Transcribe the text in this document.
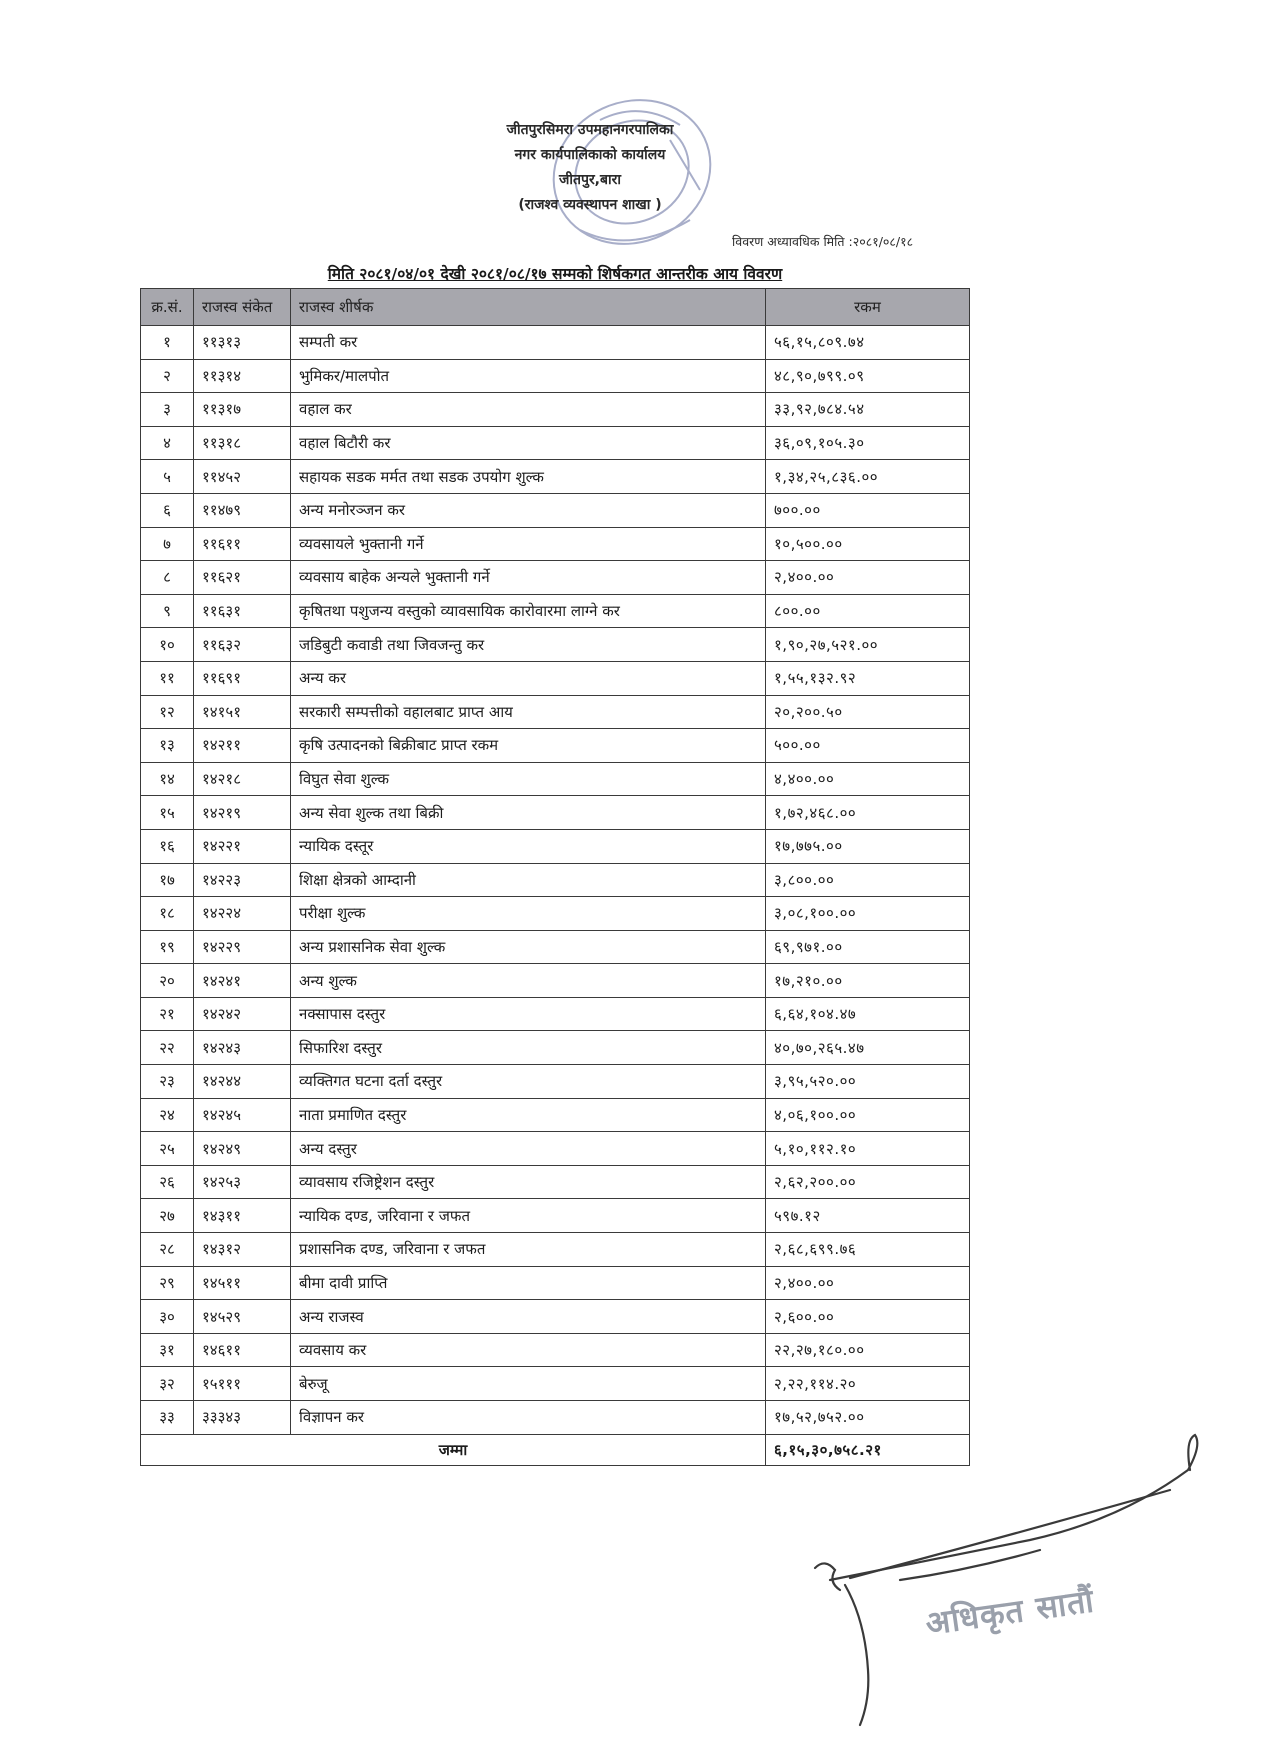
जीतपुरसिमरा उपमहानगरपालिका
नगर कार्यपालिकाको कार्यालय
जीतपुर,बारा
(राजश्व व्यवस्थापन शाखा )
विवरण अध्यावधिक मिति :२०८१/०८/१८
मिति २०८१/०४/०१ देखी २०८१/०८/१७ सम्मको शिर्षकगत आन्तरीक आय विवरण
क्र.सं.	राजस्व संकेत	राजस्व शीर्षक	रकम
१	११३१३	सम्पती कर	५६,१५,८०९.७४
२	११३१४	भुमिकर/मालपोत	४८,९०,७९९.०९
३	११३१७	वहाल कर	३३,९२,७८४.५४
४	११३१८	वहाल बिटौरी कर	३६,०९,१०५.३०
५	११४५२	सहायक सडक मर्मत तथा सडक उपयोग शुल्क	१,३४,२५,८३६.००
६	११४७९	अन्य मनोरञ्जन कर	७००.००
७	११६११	व्यवसायले भुक्तानी गर्ने	१०,५००.००
८	११६२१	व्यवसाय बाहेक अन्यले भुक्तानी गर्ने	२,४००.००
९	११६३१	कृषितथा पशुजन्य वस्तुको व्यावसायिक कारोवारमा लाग्ने कर	८००.००
१०	११६३२	जडिबुटी कवाडी तथा जिवजन्तु कर	१,९०,२७,५२१.००
११	११६९१	अन्य कर	१,५५,१३२.९२
१२	१४१५१	सरकारी सम्पत्तीको वहालबाट प्राप्त आय	२०,२००.५०
१३	१४२११	कृषि उत्पादनको बिक्रीबाट प्राप्त रकम	५००.००
१४	१४२१८	विघुत सेवा शुल्क	४,४००.००
१५	१४२१९	अन्य सेवा शुल्क तथा बिक्री	१,७२,४६८.००
१६	१४२२१	न्यायिक दस्तूर	१७,७७५.००
१७	१४२२३	शिक्षा क्षेत्रको आम्दानी	३,८००.००
१८	१४२२४	परीक्षा शुल्क	३,०८,१००.००
१९	१४२२९	अन्य प्रशासनिक सेवा शुल्क	६९,९७१.००
२०	१४२४१	अन्य शुल्क	१७,२१०.००
२१	१४२४२	नक्सापास दस्तुर	६,६४,१०४.४७
२२	१४२४३	सिफारिश दस्तुर	४०,७०,२६५.४७
२३	१४२४४	व्यक्तिगत घटना दर्ता दस्तुर	३,९५,५२०.००
२४	१४२४५	नाता प्रमाणित दस्तुर	४,०६,१००.००
२५	१४२४९	अन्य दस्तुर	५,१०,११२.१०
२६	१४२५३	व्यावसाय रजिष्ट्रेशन दस्तुर	२,६२,२००.००
२७	१४३११	न्यायिक दण्ड, जरिवाना र जफत	५९७.१२
२८	१४३१२	प्रशासनिक दण्ड, जरिवाना र जफत	२,६८,६९९.७६
२९	१४५११	बीमा दावी प्राप्ति	२,४००.००
३०	१४५२९	अन्य राजस्व	२,६००.००
३१	१४६११	व्यवसाय कर	२२,२७,१८०.००
३२	१५१११	बेरुजू	२,२२,११४.२०
३३	३३३४३	विज्ञापन कर	१७,५२,७५२.००
जम्मा			६,१५,३०,७५८.२१
अधिकृत सातौं
